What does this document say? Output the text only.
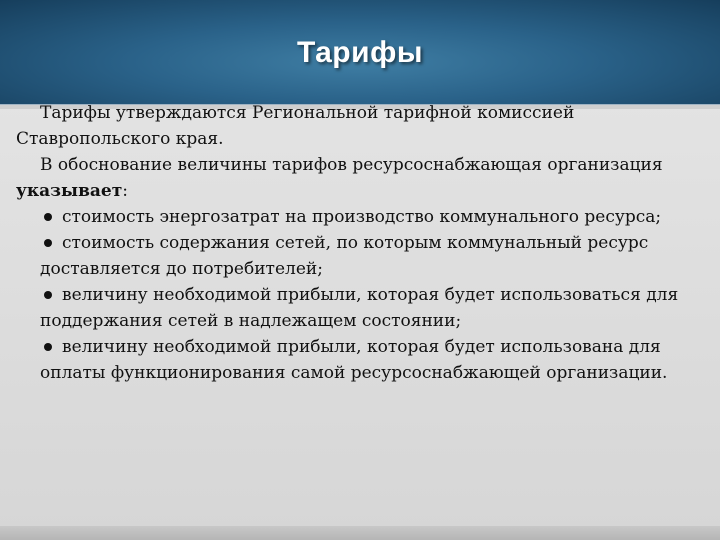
Тарифы

Тарифы утверждаются Региональной тарифной комиссией Ставропольского края.

В обоснование величины тарифов ресурсоснабжающая организация указывает:

стоимость энергозатрат на производство коммунального ресурса;
стоимость содержания сетей, по которым коммунальный ресурс доставляется до потребителей;
величину необходимой прибыли, которая будет использоваться для поддержания сетей в надлежащем состоянии;
величину необходимой прибыли, которая будет использована для оплаты функционирования самой ресурсоснабжающей организации.
